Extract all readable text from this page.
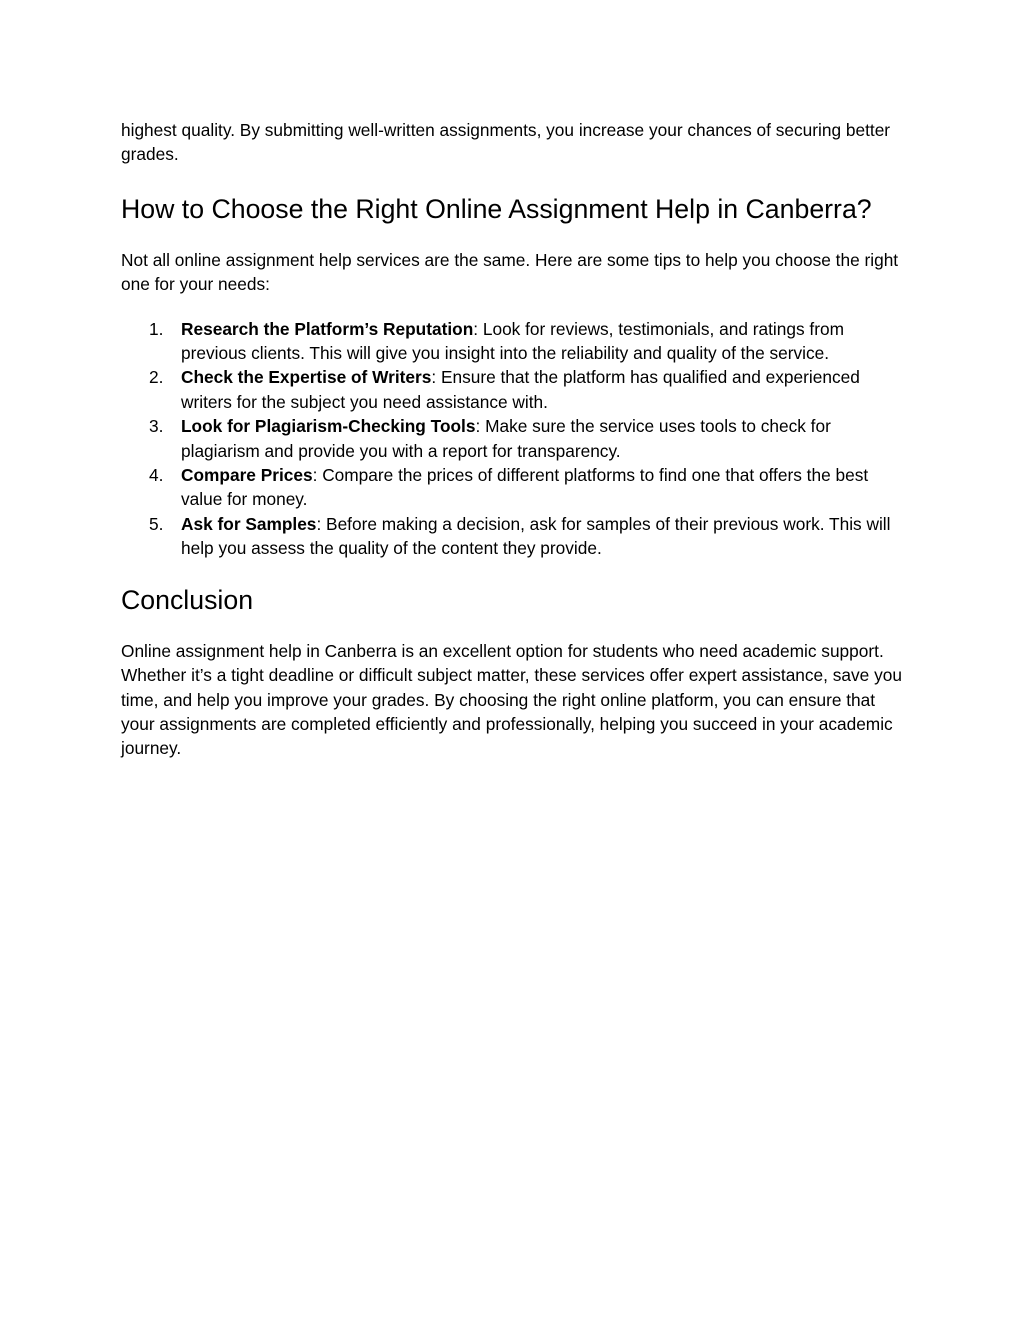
highest quality. By submitting well-written assignments, you increase your chances of securing better grades.

How to Choose the Right Online Assignment Help in Canberra?

Not all online assignment help services are the same. Here are some tips to help you choose the right one for your needs:

1. Research the Platform’s Reputation: Look for reviews, testimonials, and ratings from previous clients. This will give you insight into the reliability and quality of the service.
2. Check the Expertise of Writers: Ensure that the platform has qualified and experienced writers for the subject you need assistance with.
3. Look for Plagiarism-Checking Tools: Make sure the service uses tools to check for plagiarism and provide you with a report for transparency.
4. Compare Prices: Compare the prices of different platforms to find one that offers the best value for money.
5. Ask for Samples: Before making a decision, ask for samples of their previous work. This will help you assess the quality of the content they provide.
Conclusion

Online assignment help in Canberra is an excellent option for students who need academic support. Whether it’s a tight deadline or difficult subject matter, these services offer expert assistance, save you time, and help you improve your grades. By choosing the right online platform, you can ensure that your assignments are completed efficiently and professionally, helping you succeed in your academic journey.
